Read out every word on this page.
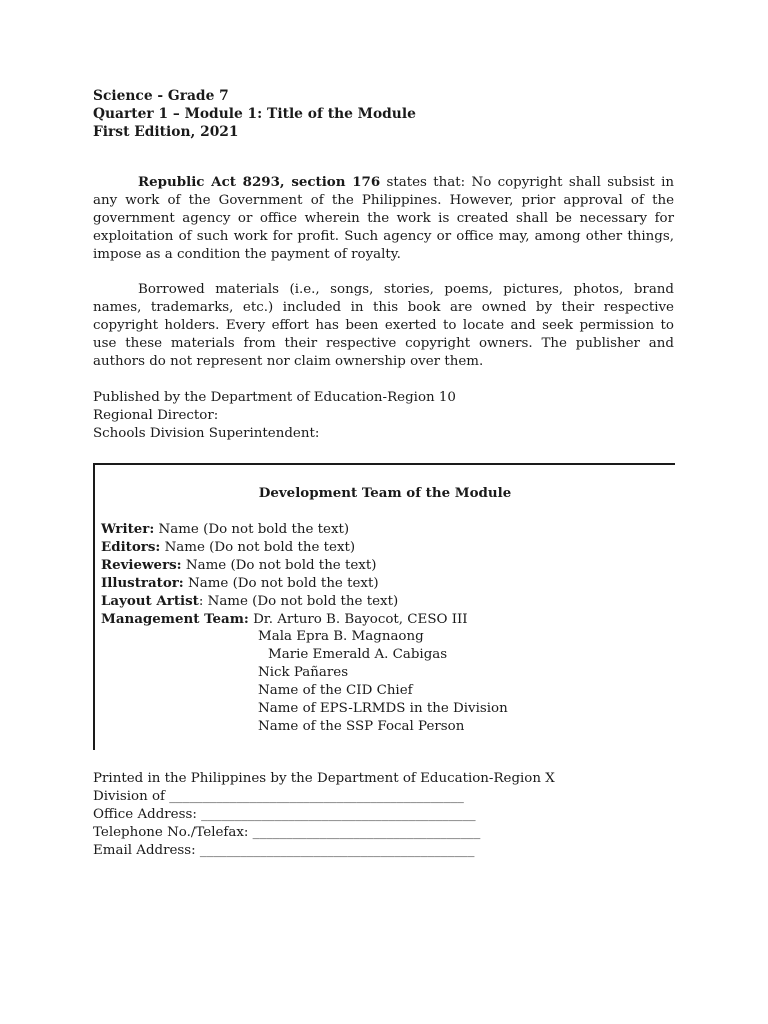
Science - Grade 7
Quarter 1 – Module 1: Title of the Module
First Edition, 2021

Republic Act 8293, section 176 states that: No copyright shall subsist in any work of the Government of the Philippines. However, prior approval of the government agency or office wherein the work is created shall be necessary for exploitation of such work for profit. Such agency or office may, among other things, impose as a condition the payment of royalty.

Borrowed materials (i.e., songs, stories, poems, pictures, photos, brand names, trademarks, etc.) included in this book are owned by their respective copyright holders. Every effort has been exerted to locate and seek permission to use these materials from their respective copyright owners. The publisher and authors do not represent nor claim ownership over them.

Published by the Department of Education-Region 10
Regional Director:
Schools Division Superintendent:
Development Team of the Module
Writer: Name (Do not bold the text)
Editors: Name (Do not bold the text)
Reviewers: Name (Do not bold the text)
Illustrator: Name (Do not bold the text)
Layout Artist: Name (Do not bold the text)
Management Team: Dr. Arturo B. Bayocot, CESO III
Mala Epra B. Magnaong
Marie Emerald A. Cabigas
Nick Pañares
Name of the CID Chief
Name of EPS-LRMDS in the Division
Name of the SSP Focal Person
Printed in the Philippines by the Department of Education-Region X
Division of ____________________________________________
Office Address: _________________________________________
Telephone No./Telefax: __________________________________
Email Address: _________________________________________
